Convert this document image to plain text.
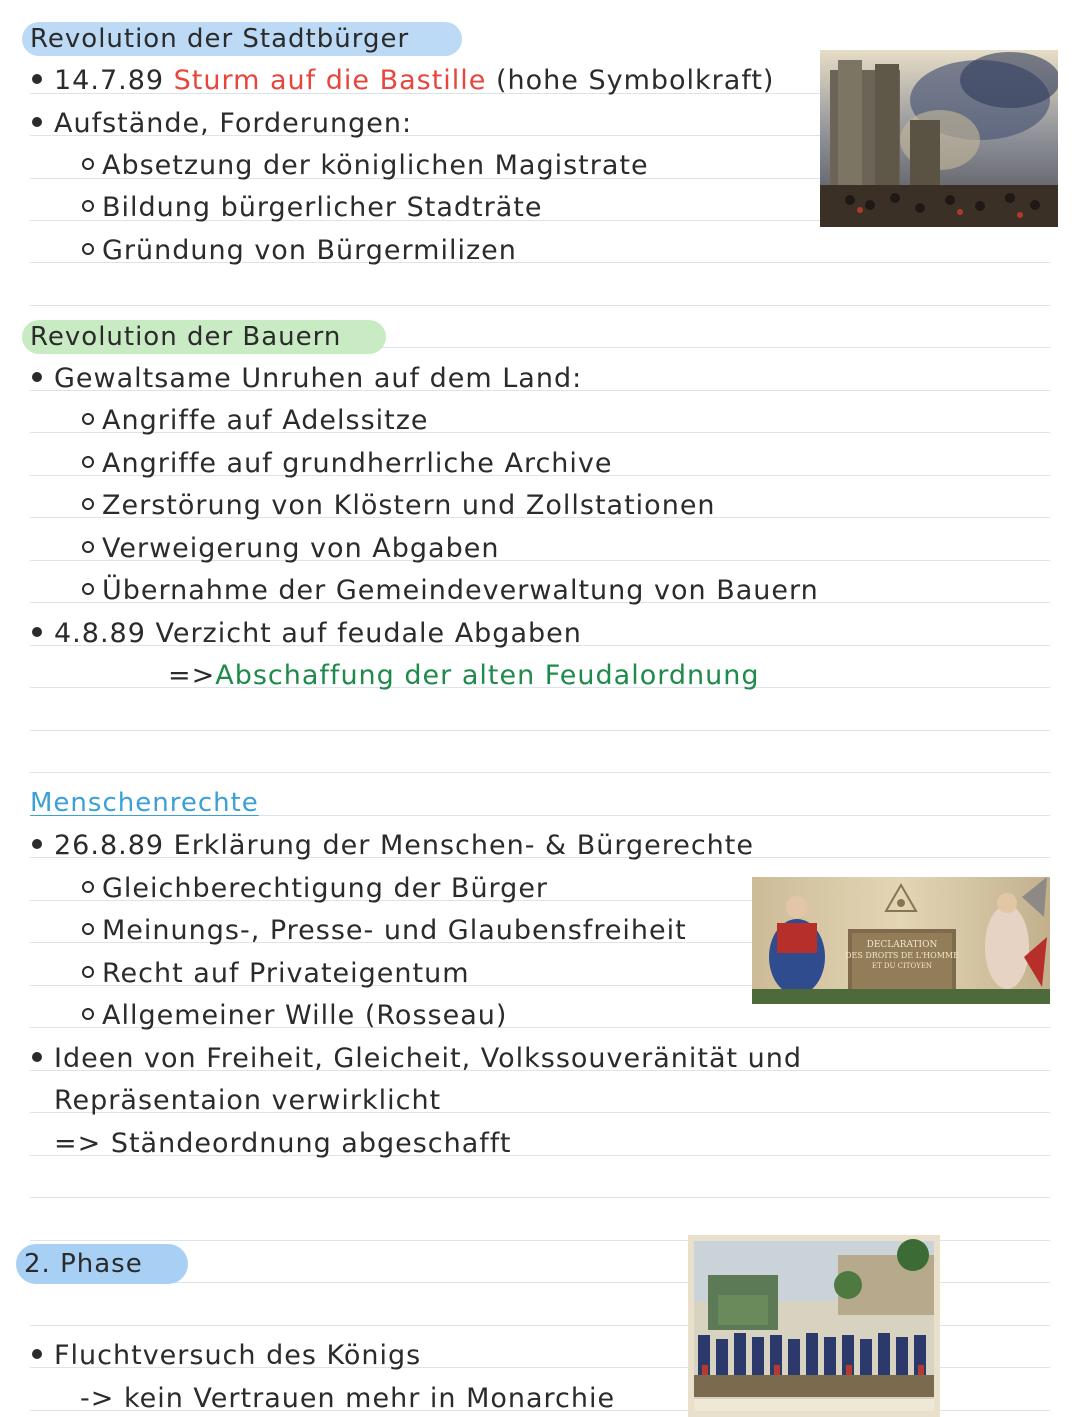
Revolution der Stadtbürger
14.7.89 Sturm auf die Bastille (hohe Symbolkraft)
Aufstände, Forderungen:
Absetzung der königlichen Magistrate
Bildung bürgerlicher Stadträte
Gründung von Bürgermilizen
Revolution der Bauern
Gewaltsame Unruhen auf dem Land:
Angriffe auf Adelssitze
Angriffe auf grundherrliche Archive
Zerstörung von Klöstern und Zollstationen
Verweigerung von Abgaben
Übernahme der Gemeindeverwaltung von Bauern
4.8.89 Verzicht auf feudale Abgaben
=>Abschaffung der alten Feudalordnung
Menschenrechte
26.8.89 Erklärung der Menschen- & Bürgerechte
Gleichberechtigung der Bürger
Meinungs-, Presse- und Glaubensfreiheit
Recht auf Privateigentum
Allgemeiner Wille (Rosseau)
Ideen von Freiheit, Gleicheit, Volkssouveränität und
Repräsentaion verwirklicht
=> Ständeordnung abgeschafft
DECLARATION
DES DROITS DE L'HOMME
ET DU CITOYEN
2. Phase
Fluchtversuch des Königs
-> kein Vertrauen mehr in Monarchie
